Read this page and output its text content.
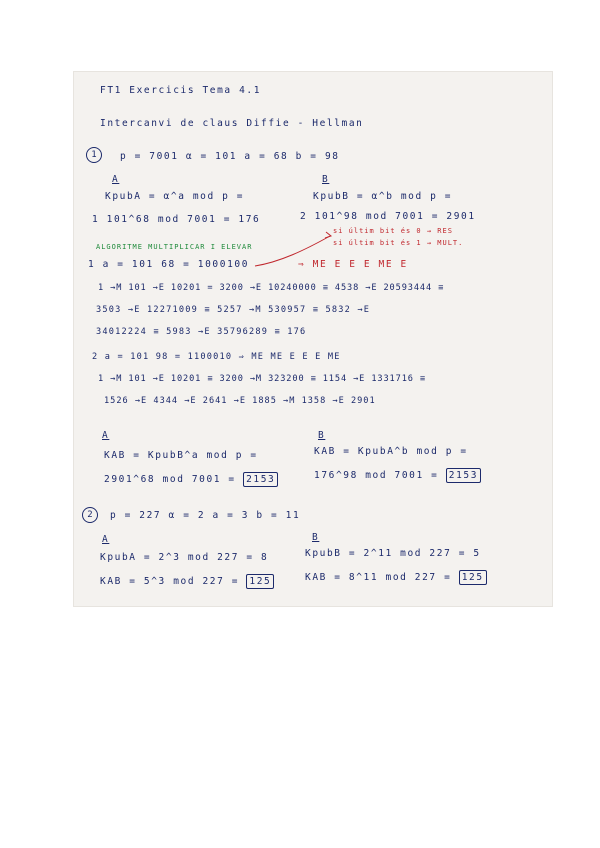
FT1 Exercicis Tema 4.1
Intercanvi de claus Diffie - Hellman
1	p = 7001 α = 101 a = 68 b = 98
A	B
KpubA = α^a mod p =	KpubB = α^b mod p =
1 101^68 mod 7001 = 176	2 101^98 mod 7001 = 2901
ALGORITME MULTIPLICAR I ELEVAR
si últim bit és 0 → RES
si últim bit és 1 → MULT.
1 a = 101 68 = 1000100	⇒ ME E E E ME E
1 →M 101 →E 10201 = 3200 →E 10240000 ≡ 4538 →E 20593444 ≡
3503 →E 12271009 ≡ 5257 →M 530957 ≡ 5832 →E
34012224 ≡ 5983 →E 35796289 ≡ 176
2 a = 101 98 = 1100010 ⇒ ME ME E E E ME
1 →M 101 →E 10201 ≡ 3200 →M 323200 ≡ 1154 →E 1331716 ≡
1526 →E 4344 →E 2641 →E 1885 →M 1358 →E 2901
A	B
KAB = KpubB^a mod p =	KAB = KpubA^b mod p =
2901^68 mod 7001 = 2153	176^98 mod 7001 = 2153
2	p = 227 α = 2 a = 3 b = 11
A	B
KpubA = 2^3 mod 227 = 8	KpubB = 2^11 mod 227 = 5
KAB = 5^3 mod 227 = 125	KAB = 8^11 mod 227 = 125
